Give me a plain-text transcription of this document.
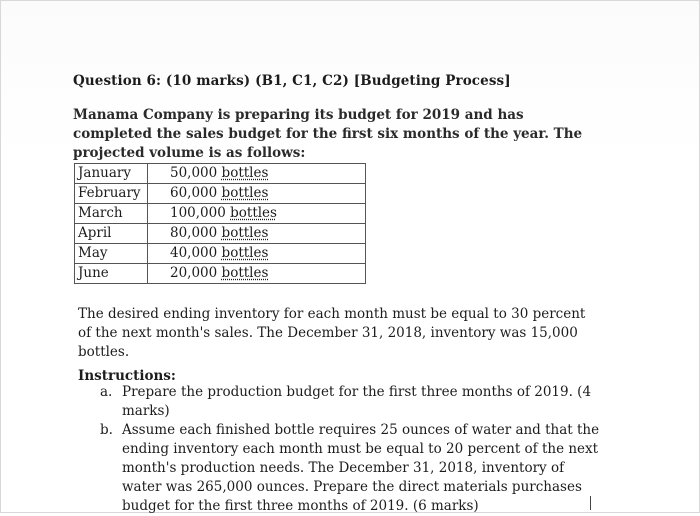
Question 6: (10 marks) (B1, C1, C2) [Budgeting Process]
Manama Company is preparing its budget for 2019 and has completed the sales budget for the first six months of the year. The projected volume is as follows:
January	50,000 bottles
February	60,000 bottles
March	100,000 bottles
April	80,000 bottles
May	40,000 bottles
June	20,000 bottles
The desired ending inventory for each month must be equal to 30 percent of the next month's sales. The December 31, 2018, inventory was 15,000 bottles.
Instructions:
a. Prepare the production budget for the first three months of 2019. (4 marks)
b. Assume each finished bottle requires 25 ounces of water and that the ending inventory each month must be equal to 20 percent of the next month's production needs. The December 31, 2018, inventory of water was 265,000 ounces. Prepare the direct materials purchases budget for the first three months of 2019. (6 marks)
